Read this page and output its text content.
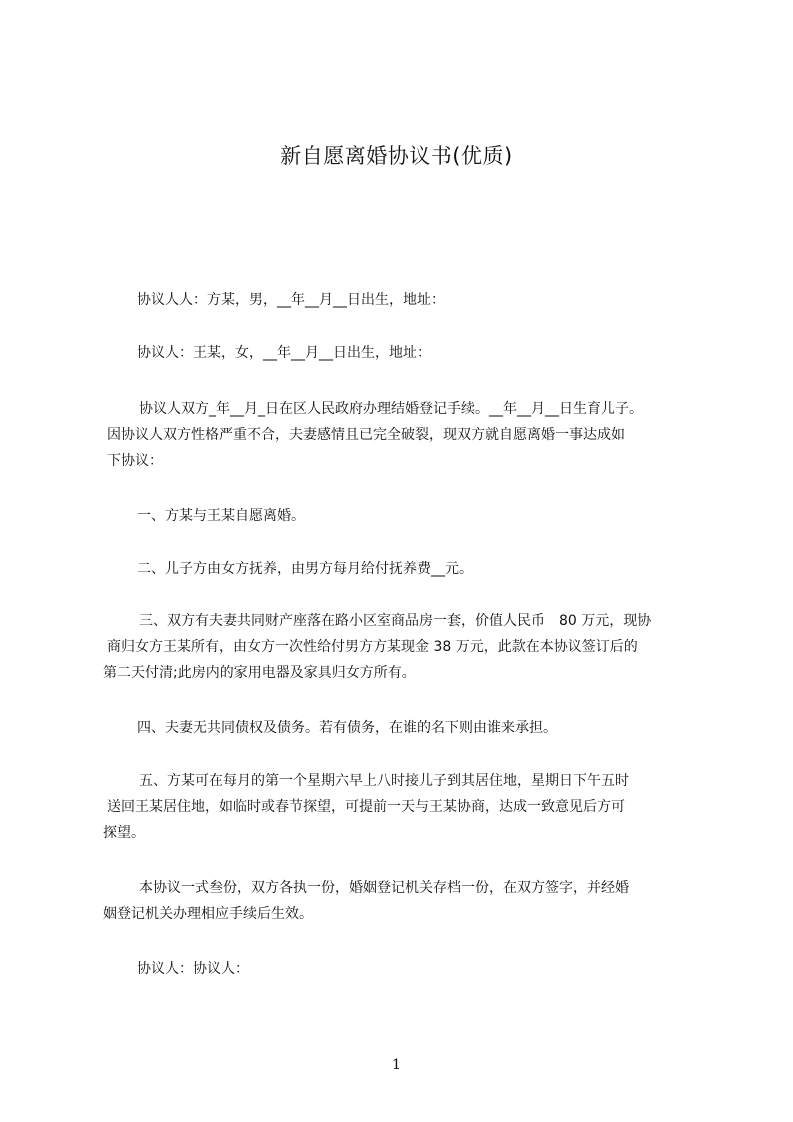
新自愿离婚协议书(优质)
协议人人：方某，男，__年__月__日出生，地址：
协议人：王某，女，__年__月__日出生，地址：
协议人双方_年__月_日在区人民政府办理结婚登记手续。__年__月__日生育儿子。
因协议人双方性格严重不合，夫妻感情且已完全破裂，现双方就自愿离婚一事达成如
下协议：
一、方某与王某自愿离婚。
二、儿子方由女方抚养，由男方每月给付抚养费__元。
三、双方有夫妻共同财产座落在路小区室商品房一套，价值人民币　80 万元，现协
商归女方王某所有，由女方一次性给付男方方某现金 38 万元，此款在本协议签订后的
第二天付清;此房内的家用电器及家具归女方所有。
四、夫妻无共同债权及债务。若有债务，在谁的名下则由谁来承担。
五、方某可在每月的第一个星期六早上八时接儿子到其居住地，星期日下午五时
送回王某居住地，如临时或春节探望，可提前一天与王某协商，达成一致意见后方可
探望。
本协议一式叁份，双方各执一份，婚姻登记机关存档一份，在双方签字，并经婚
姻登记机关办理相应手续后生效。
协议人：协议人：
1
